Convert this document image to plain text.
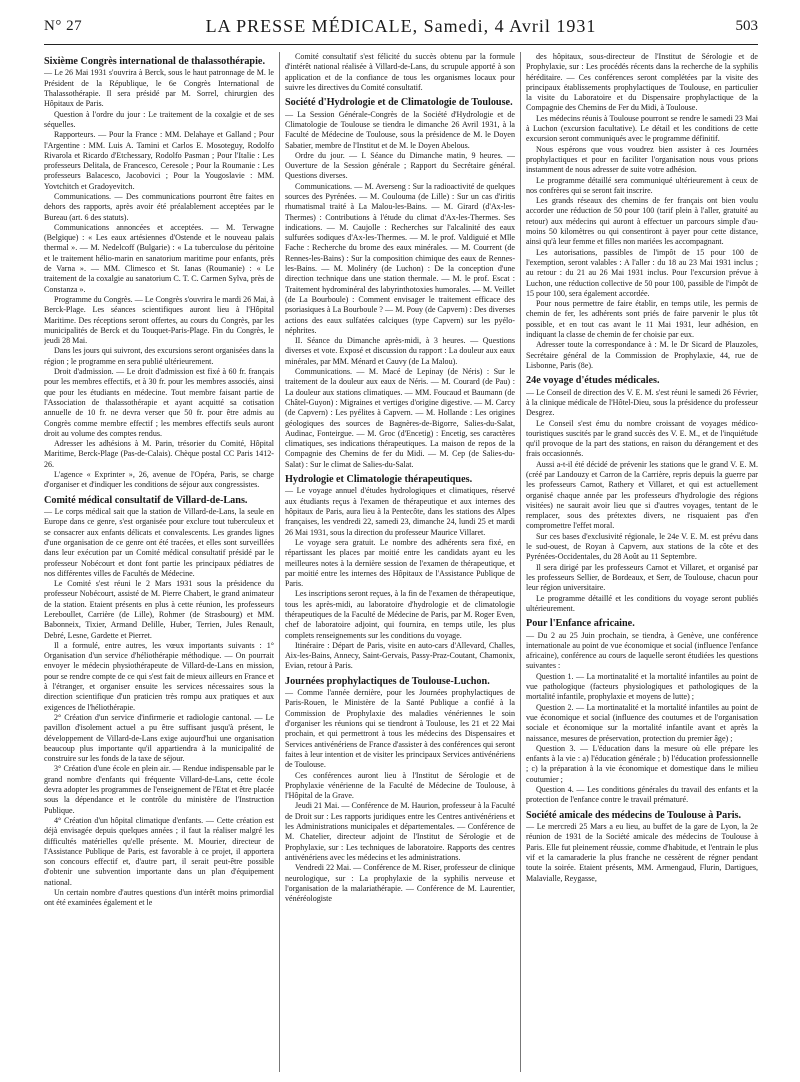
N° 27	LA PRESSE MÉDICALE, Samedi, 4 Avril 1931	503
Sixième Congrès international de thalassothérapie.

— Le 26 Mai 1931 s'ouvrira à Berck, sous le haut patronnage de M. le Président de la République, le 6e Congrès International de Thalassothérapie. Il sera présidé par M. Sorrel, chirurgien des Hôpitaux de Paris.

Question à l'ordre du jour : Le traitement de la coxalgie et de ses séquelles.

Rapporteurs. — Pour la France : MM. Delahaye et Galland ; Pour l'Argentine : MM. Luis A. Tamini et Carlos E. Mosoteguy, Rodolfo Rivarola et Ricardo d'Etchessary, Rodolfo Pasman ; Pour l'Italie : Les professeurs Delitala, de Francesco, Ceresole ; Pour la Roumanie : Les professeurs Balacesco, Jacobovici ; Pour la Yougoslavie : MM. Yovtchitch et Gradoyevitch.

Communications. — Des communications pourront être faites en dehors des rapports, après avoir été préalablement acceptées par le Bureau (art. 6 des statuts).

Communications annoncées et acceptées. — M. Terwagne (Belgique) : « Les eaux artésiennes d'Ostende et le nouveau palais thermal ». — M. Nedelcoff (Bulgarie) : « La tuberculose du péritoine et le traitement hélio-marin en sanatorium maritime pour enfants, près de Varna ». — MM. Climesco et St. Ianas (Roumanie) : « Le traitement de la coxalgie au sanatorium C. T. C. Carmen Sylva, près de Constanza ».

Programme du Congrès. — Le Congrès s'ouvrira le mardi 26 Mai, à Berck-Plage. Les séances scientifiques auront lieu à l'Hôpital Maritime. Des réceptions seront offertes, au cours du Congrès, par les municipalités de Berck et du Touquet-Paris-Plage. Fin du Congrès, le jeudi 28 Mai.

Dans les jours qui suivront, des excursions seront organisées dans la région ; le programme en sera publié ultérieurement.

Droit d'admission. — Le droit d'admission est fixé à 60 fr. français pour les membres effectifs, et à 30 fr. pour les membres associés, ainsi que pour les étudiants en médecine. Tout membre faisant partie de l'Association de thalassothérapie et ayant acquitté sa cotisation annuelle de 10 fr. ne devra verser que 50 fr. pour être admis au Congrès comme membre effectif ; les membres effectifs seuls auront droit au volume des comptes rendus.

Adresser les adhésions à M. Parin, trésorier du Comité, Hôpital Maritime, Berck-Plage (Pas-de-Calais). Chèque postal CC Paris 1412-26.

L'agence « Exprinter », 26, avenue de l'Opéra, Paris, se charge d'organiser et d'indiquer les conditions de séjour aux congressistes.

Comité médical consultatif de Villard-de-Lans.

— Le corps médical sait que la station de Villard-de-Lans, la seule en Europe dans ce genre, s'est organisée pour exclure tout tuberculeux et se consacrer aux enfants délicats et convalescents. Les grandes lignes d'une organisation de ce genre ont été tracées, et elles sont surveillées dans leur exécution par un Comité médical consultatif présidé par le professeur Nobécourt et dont font partie les principaux pédiatres de nos différentes villes de Facultés de Médecine.

Le Comité s'est réuni le 2 Mars 1931 sous la présidence du professeur Nobécourt, assisté de M. Pierre Chabert, le grand animateur de la station. Etaient présents en plus à cette réunion, les professeurs Lereboullet, Carrière (de Lille), Rohmer (de Strasbourg) et MM. Babonneix, Tixier, Armand Delille, Huber, Terrien, Jules Renault, Debré, Lesne, Gardette et Pierret.

Il a formulé, entre autres, les vœux importants suivants : 1° Organisation d'un service d'héliothérapie méthodique. — On pourrait envoyer le médecin physiothérapeute de Villard-de-Lans en mission, pour se rendre compte de ce qui s'est fait de mieux ailleurs en France et à l'étranger, et organiser ensuite les services nécessaires sous la direction scientifique d'un praticien très rompu aux pratiques et aux exigences de l'héliothérapie.

2° Création d'un service d'infirmerie et radiologie cantonal. — Le pavillon d'isolement actuel a pu être suffisant jusqu'à présent, le développement de Villard-de-Lans exige aujourd'hui une organisation beaucoup plus importante qu'il appartiendra à la municipalité de construire sur les fonds de la taxe de séjour.

3° Création d'une école en plein air. — Rendue indispensable par le grand nombre d'enfants qui fréquente Villard-de-Lans, cette école devra adopter les programmes de l'enseignement de l'Etat et être placée sous la dépendance et le contrôle du ministère de l'Instruction Publique.

4° Création d'un hôpital climatique d'enfants. — Cette création est déjà envisagée depuis quelques années ; il faut la réaliser malgré les difficultés matérielles qu'elle présente. M. Mourier, directeur de l'Assistance Publique de Paris, est favorable à ce projet, il apportera son concours effectif et, d'autre part, il serait peut-être possible d'obtenir une subvention importante dans un plan d'équipement national.

Un certain nombre d'autres questions d'un intérêt moins primordial ont été examinées également et le

Comité consultatif s'est félicité du succès obtenu par la formule d'intérêt national réalisée à Villard-de-Lans, du scrupule apporté à son application et de la confiance de tous les organismes locaux pour suivre les directives du Comité consultatif.

Société d'Hydrologie et de Climatologie de Toulouse.

— La Session Générale-Congrès de la Société d'Hydrologie et de Climatologie de Toulouse se tiendra le dimanche 26 Avril 1931, à la Faculté de Médecine de Toulouse, sous la présidence de M. le Doyen Sabatier, membre de l'Institut et de M. le Doyen Abelous.

Ordre du jour. — I. Séance du Dimanche matin, 9 heures. — Ouverture de la Session générale ; Rapport du Secrétaire général. Questions diverses.

Communications. — M. Averseng : Sur la radioactivité de quelques sources des Pyrénées. — M. Couloumа (de Lille) : Sur un cas d'iritis rhumatismal traité à La Malou-les-Bains. — M. Girard (d'Ax-les-Thermes) : Contributions à l'étude du climat d'Ax-les-Thermes. Ses indications. — M. Caujolle : Recherches sur l'alcalinité des eaux sulfurées sodiques d'Ax-les-Thermes. — M. le prof. Valdiguié et Mlle Fache : Recherche du brome des eaux minérales. — M. Courrent (de Rennes-les-Bains) : Sur la composition chimique des eaux de Rennes-les-Bains. — M. Molinéry (de Luchon) : De la conception d'une direction technique dans une station thermale. — M. le prof. Escat : Traitement hydrominéral des labyrinthotoxies humorales. — M. Veillet (de La Bourboule) : Comment envisager le traitement efficace des psoriasiques à La Bourboule ? — M. Pouy (de Capvern) : Des diverses actions des eaux sulfatées calciques (type Capvern) sur les pyélo-néphrites.

II. Séance du Dimanche après-midi, à 3 heures. — Questions diverses et vote. Exposé et discussion du rapport : La douleur aux eaux minérales, par MM. Ménard et Cauvy (de La Malou).

Communications. — M. Macé de Lepinay (de Néris) : Sur le traitement de la douleur aux eaux de Néris. — M. Courard (de Pau) : La douleur aux stations climatiques. — MM. Foucaud et Baumann (de Châtel-Guyon) : Migraines et vertiges d'origine digestive. — M. Carcy (de Capvern) : Les pyélites à Capvern. — M. Hollande : Les origines géologiques des sources de Bagnères-de-Bigorre, Salies-du-Salat, Audinac, Fonteirgue. — M. Groc (d'Encetig) : Encetig, ses caractères climatiques, ses indications thérapeutiques. La maison de repos de la Compagnie des Chemins de fer du Midi. — M. Cep (de Salies-du-Salat) : Sur le climat de Salies-du-Salat.

Hydrologie et Climatologie thérapeutiques.

— Le voyage annuel d'études hydrologiques et climatiques, réservé aux étudiants reçus à l'examen de thérapeutique et aux internes des hôpitaux de Paris, aura lieu à la Pentecôte, dans les stations des Alpes françaises, les vendredi 22, samedi 23, dimanche 24, lundi 25 et mardi 26 Mai 1931, sous la direction du professeur Maurice Villaret.

Le voyage sera gratuit. Le nombre des adhérents sera fixé, en répartissant les places par moitié entre les candidats ayant eu les meilleures notes à la dernière session de l'examen de thérapeutique, et par moitié entre les internes des Hôpitaux de l'Assistance Publique de Paris.

Les inscriptions seront reçues, à la fin de l'examen de thérapeutique, tous les après-midi, au laboratoire d'hydrologie et de climatologie thérapeutiques de la Faculté de Médecine de Paris, par M. Roger Even, chef de laboratoire adjoint, qui fournira, en temps utile, les plus complets renseignements sur les conditions du voyage.

Itinéraire : Départ de Paris, visite en auto-cars d'Allevard, Challes, Aix-les-Bains, Annecy, Saint-Gervais, Passy-Praz-Coutant, Chamonix, Evian, retour à Paris.

Journées prophylactiques de Toulouse-Luchon.

— Comme l'année dernière, pour les Journées prophylactiques de Paris-Rouen, le Ministère de la Santé Publique a confié à la Commission de Prophylaxie des maladies vénériennes le soin d'organiser les réunions qui se tiendront à Toulouse, les 21 et 22 Mai prochain, et qui permettront à tous les médecins des Dispensaires et Services antivénériens de France d'assister à des conférences qui seront faites à leur intention et de visiter les principaux Services antivénériens de Toulouse.

Ces conférences auront lieu à l'Institut de Sérologie et de Prophylaxie vénérienne de la Faculté de Médecine de Toulouse, à l'Hôpital de la Grave.

Jeudi 21 Mai. — Conférence de M. Haurion, professeur à la Faculté de Droit sur : Les rapports juridiques entre les Centres antivénériens et les Administrations municipales et départementales. — Conférence de M. Chatelier, directeur adjoint de l'Institut de Sérologie et de Prophylaxie, sur : Les techniques de laboratoire. Rapports des centres antivénériens avec les médecins et les administrations.

Vendredi 22 Mai. — Conférence de M. Riser, professeur de clinique neurologique, sur : La prophylaxie de la syphilis nerveuse et l'organisation de la malariathérapie. — Conférence de M. Laurentier, vénéréologiste

des hôpitaux, sous-directeur de l'Institut de Sérologie et de Prophylaxie, sur : Les procédés récents dans la recherche de la syphilis héréditaire. — Ces conférences seront complétées par la visite des principaux établissements prophylactiques de Toulouse, en particulier la visite du Laboratoire et du Dispensaire prophylactique de la Compagnie des Chemins de Fer du Midi, à Toulouse.

Les médecins réunis à Toulouse pourront se rendre le samedi 23 Mai à Luchon (excursion facultative). Le détail et les conditions de cette excursion seront communiqués avec le programme définitif.

Nous espérons que vous voudrez bien assister à ces Journées prophylactiques et pour en faciliter l'organisation nous vous prions instamment de nous adresser de suite votre adhésion.

Le programme détaillé sera communiqué ultérieurement à ceux de nos confrères qui se seront fait inscrire.

Les grands réseaux des chemins de fer français ont bien voulu accorder une réduction de 50 pour 100 (tarif plein à l'aller, gratuité au retour) aux médecins qui auront à effectuer un parcours simple d'au-moins 50 kilomètres ou qui consentiront à payer pour cette distance, ainsi qu'à leur femme et filles non mariées les accompagnant.

Les autorisations, passibles de l'impôt de 15 pour 100 de l'exemption, seront valables : A l'aller : du 18 au 23 Mai 1931 inclus ; au retour : du 21 au 26 Mai 1931 inclus. Pour l'excursion prévue à Luchon, une réduction collective de 50 pour 100, passible de l'impôt de 15 pour 100, sera également accordée.

Pour nous permettre de faire établir, en temps utile, les permis de chemin de fer, les adhérents sont priés de faire parvenir le plus tôt possible, et en tout cas avant le 11 Mai 1931, leur adhésion, en indiquant la classe de chemin de fer choisie par eux.

Adresser toute la correspondance à : M. le Dr Sicard de Plauzoles, Secrétaire général de la Commission de Prophylaxie, 44, rue de Lisbonne, Paris (8e).

24e voyage d'études médicales.

— Le Conseil de direction des V. E. M. s'est réuni le samedi 26 Février, à la clinique médicale de l'Hôtel-Dieu, sous la présidence du professeur Desgrez.

Le Conseil s'est ému du nombre croissant de voyages médico-touristiques suscités par le grand succès des V. E. M., et de l'inquiétude qu'il provoque de la part des stations, en raison du dérangement et des frais occasionnés.

Aussi a-t-il été décidé de prévenir les stations que le grand V. E. M. (créé par Landouzy et Carron de la Carrière, repris depuis la guerre par les professeurs Carnot, Rathery et Villaret, et qui est actuellement organisé chaque année par les professeurs d'hydrologie des régions visitées) ne saurait avoir lieu que si d'autres voyages, tentant de le remplacer, sous des prétextes divers, ne risquaient pas d'en compromettre l'effet moral.

Sur ces bases d'exclusivité régionale, le 24e V. E. M. est prévu dans le sud-ouest, de Royan à Capvern, aux stations de la côte et des Pyrénées-Occidentales, du 28 Août au 11 Septembre.

Il sera dirigé par les professeurs Carnot et Villaret, et organisé par les professeurs Sellier, de Bordeaux, et Serr, de Toulouse, chacun pour leur région universitaire.

Le programme détaillé et les conditions du voyage seront publiés ultérieurement.

Pour l'Enfance africaine.

— Du 2 au 25 Juin prochain, se tiendra, à Genève, une conférence internationale au point de vue économique et social (influence l'enfance africaine), conférence au cours de laquelle seront étudiées les questions suivantes :

Question 1. — La mortinatalité et la mortalité infantiles au point de vue pathologique (facteurs physiologiques et pathologiques de la mortalité infantile, prophylaxie et moyens de lutte) ;

Question 2. — La mortinatalité et la mortalité infantiles au point de vue économique et social (influence des coutumes et de l'organisation sociale et économique sur la mortalité infantile avant et après la naissance, mesures de préservation, protection du premier âge) ;

Question 3. — L'éducation dans la mesure où elle prépare les enfants à la vie : a) l'éducation générale ; b) l'éducation professionnelle ; c) la préparation à la vie économique et domestique dans le milieu coutumier ;

Question 4. — Les conditions générales du travail des enfants et la protection de l'enfance contre le travail prématuré.

Société amicale des médecins de Toulouse à Paris.

— Le mercredi 25 Mars a eu lieu, au buffet de la gare de Lyon, la 2e réunion de 1931 de la Société amicale des médecins de Toulouse à Paris. Elle fut pleinement réussie, comme d'habitude, et l'entrain le plus vif et la camaraderie la plus franche ne cessèrent de régner pendant toute la soirée. Etaient présents, MM. Armengaud, Flurin, Dartigues, Malavialle, Reygasse,
